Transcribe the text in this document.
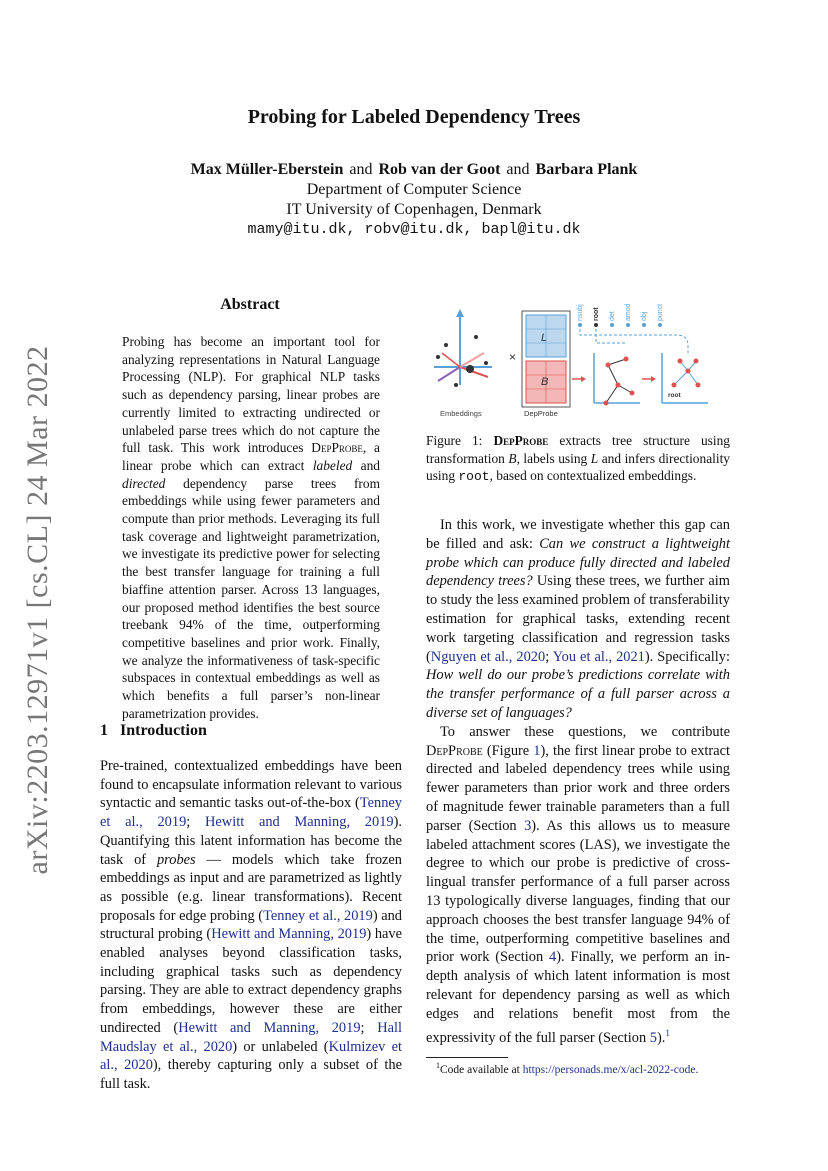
arXiv:2203.12971v1 [cs.CL] 24 Mar 2022
Probing for Labeled Dependency Trees
Max Müller-Eberstein and Rob van der Goot and Barbara Plank
Department of Computer Science
IT University of Copenhagen, Denmark
mamy@itu.dk, robv@itu.dk, bapl@itu.dk
Abstract
Probing has become an important tool for analyzing representations in Natural Language Processing (NLP). For graphical NLP tasks such as dependency parsing, linear probes are currently limited to extracting undirected or unlabeled parse trees which do not capture the full task. This work introduces DepProbe, a linear probe which can extract labeled and directed dependency parse trees from embeddings while using fewer parameters and compute than prior methods. Leveraging its full task coverage and lightweight parametrization, we investigate its predictive power for selecting the best transfer language for training a full biaffine attention parser. Across 13 languages, our proposed method identifies the best source treebank 94% of the time, outperforming competitive baselines and prior work. Finally, we analyze the informativeness of task-specific subspaces in contextual embeddings as well as which benefits a full parser’s non-linear parametrization provides.
1 Introduction
Pre-trained, contextualized embeddings have been found to encapsulate information relevant to various syntactic and semantic tasks out-of-the-box (Tenney et al., 2019; Hewitt and Manning, 2019). Quantifying this latent information has become the task of probes — models which take frozen embeddings as input and are parametrized as lightly as possible (e.g. linear transformations). Recent proposals for edge probing (Tenney et al., 2019) and structural probing (Hewitt and Manning, 2019) have enabled analyses beyond classification tasks, including graphical tasks such as dependency parsing. They are able to extract dependency graphs from embeddings, however these are either undirected (Hewitt and Manning, 2019; Hall Maudslay et al., 2020) or unlabeled (Kulmizev et al., 2020), thereby capturing only a subset of the full task.
Embeddings
×
L
B
DepProbe
nsubj root det amod obj punct
root
Figure 1: DepProbe extracts tree structure using transformation B, labels using L and infers directionality using root, based on contextualized embeddings.

In this work, we investigate whether this gap can be filled and ask: Can we construct a lightweight probe which can produce fully directed and labeled dependency trees? Using these trees, we further aim to study the less examined problem of transferability estimation for graphical tasks, extending recent work targeting classification and regression tasks (Nguyen et al., 2020; You et al., 2021). Specifically: How well do our probe’s predictions correlate with the transfer performance of a full parser across a diverse set of languages?

To answer these questions, we contribute DepProbe (Figure 1), the first linear probe to extract directed and labeled dependency trees while using fewer parameters than prior work and three orders of magnitude fewer trainable parameters than a full parser (Section 3). As this allows us to measure labeled attachment scores (LAS), we investigate the degree to which our probe is predictive of cross-lingual transfer performance of a full parser across 13 typologically diverse languages, finding that our approach chooses the best transfer language 94% of the time, outperforming competitive baselines and prior work (Section 4). Finally, we perform an in-depth analysis of which latent information is most relevant for dependency parsing as well as which edges and relations benefit most from the expressivity of the full parser (Section 5).$^1$

$^1$Code available at https://personads.me/x/acl-2022-code.
